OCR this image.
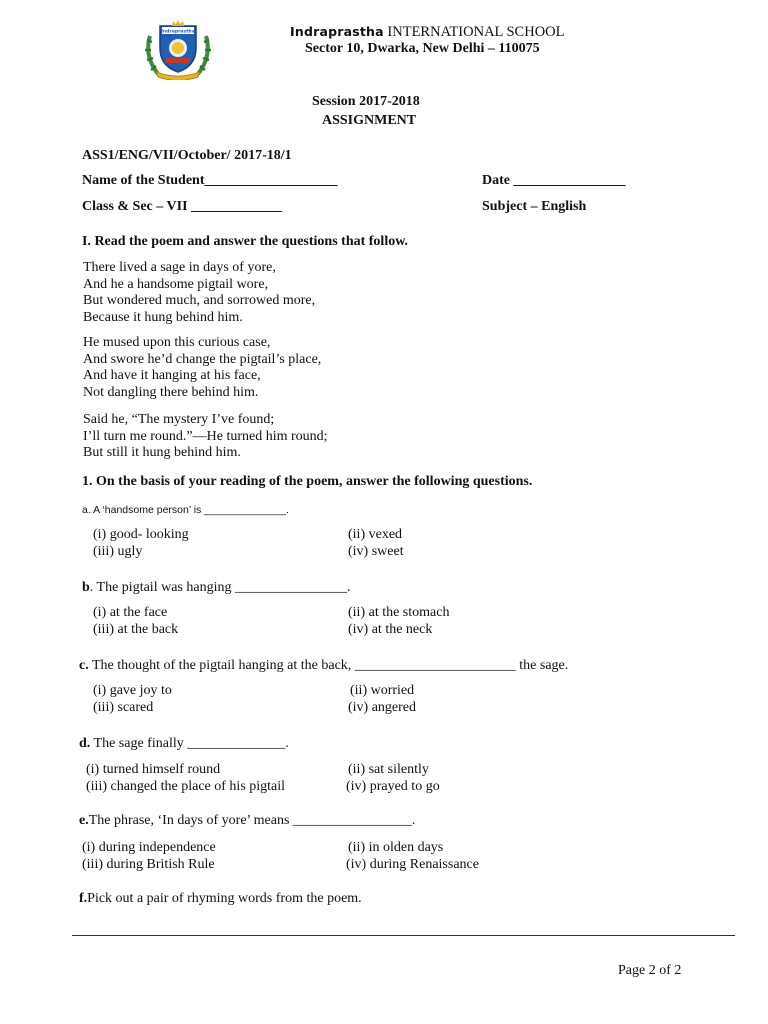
Indraprastha	Indraprastha INTERNATIONAL SCHOOL
Sector 10, Dwarka, New Delhi – 110075
Session 2017-2018
ASSIGNMENT
ASS1/ENG/VII/October/ 2017-18/1
Name of the Student___________________	Date ________________
Class & Sec – VII _____________	Subject – English
I. Read the poem and answer the questions that follow.

There lived a sage in days of yore,

And he a handsome pigtail wore,

But wondered much, and sorrowed more,

Because it hung behind him.

He mused upon this curious case,

And swore he’d change the pigtail’s place,

And have it hanging at his face,

Not dangling there behind him.

Said he, “The mystery I’ve found;

I’ll turn me round.”—He turned him round;

But still it hung behind him.

1. On the basis of your reading of the poem, answer the following questions.
a. A ‘handsome person’ is ______________.
(i) good- looking	(ii) vexed
(iii) ugly	(iv) sweet
b. The pigtail was hanging ________________.
(i) at the face	(ii) at the stomach
(iii) at the back	(iv) at the neck
c. The thought of the pigtail hanging at the back, _______________________ the sage.
(i) gave joy to	(ii) worried
(iii) scared	(iv) angered
d. The sage finally ______________.
(i) turned himself round	(ii) sat silently
(iii) changed the place of his pigtail	(iv) prayed to go
e.The phrase, ‘In days of yore’ means _________________.
(i) during independence	(ii) in olden days
(iii) during British Rule	(iv) during Renaissance
f.Pick out a pair of rhyming words from the poem.
Page 2 of 2
